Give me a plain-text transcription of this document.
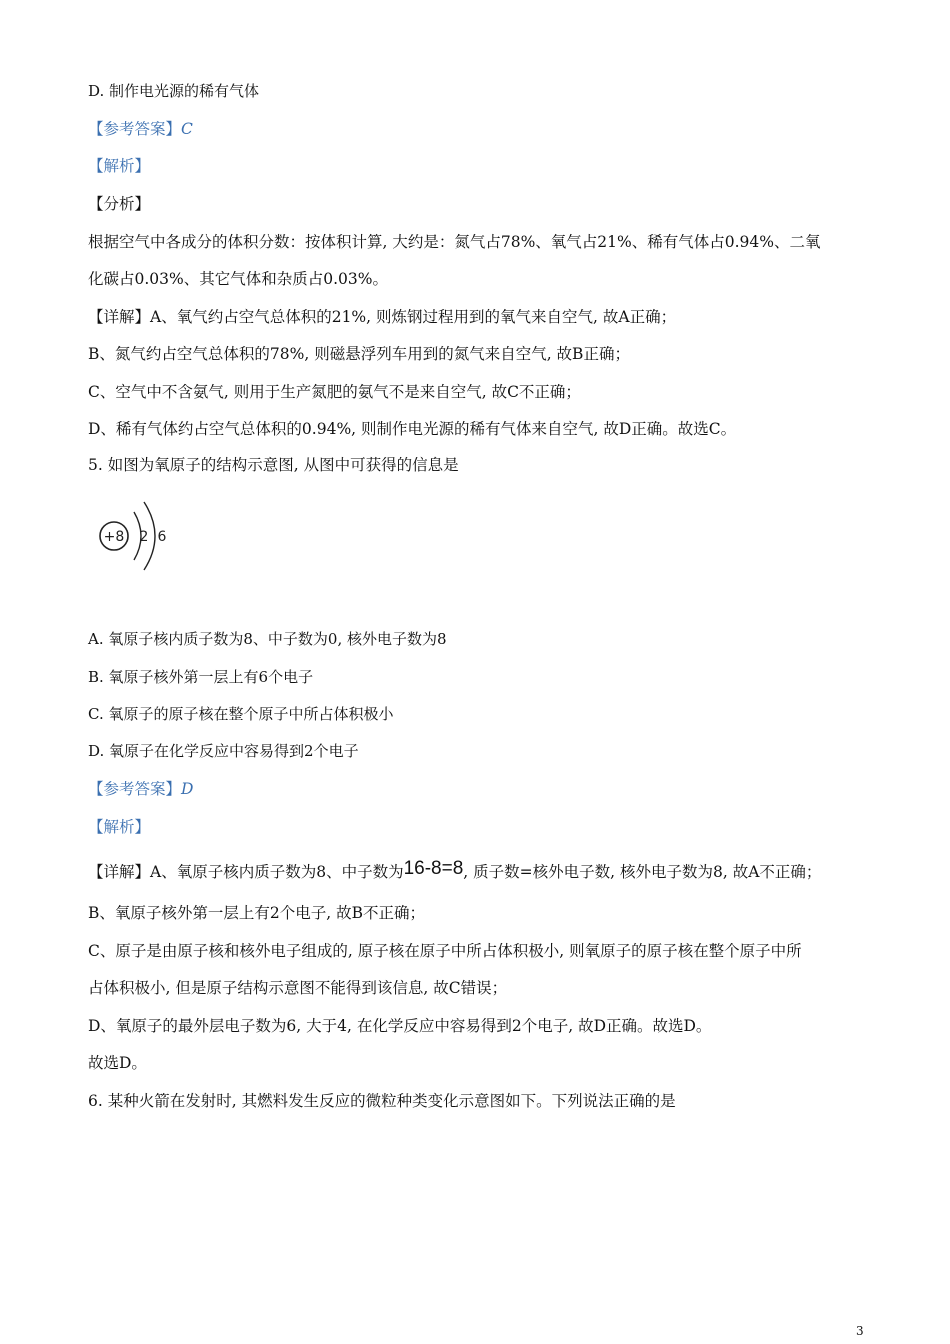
D. 制作电光源的稀有气体
【参考答案】C
【解析】
【分析】
根据空气中各成分的体积分数：按体积计算, 大约是：氮气占78%、氧气占21%、稀有气体占0.94%、二氧
化碳占0.03%、其它气体和杂质占0.03%。
【详解】A、氧气约占空气总体积的21%, 则炼钢过程用到的氧气来自空气, 故A正确；
B、氮气约占空气总体积的78%, 则磁悬浮列车用到的氮气来自空气, 故B正确；
C、空气中不含氨气, 则用于生产氮肥的氨气不是来自空气, 故C不正确；
D、稀有气体约占空气总体积的0.94%, 则制作电光源的稀有气体来自空气, 故D正确。故选C。
5. 如图为氧原子的结构示意图, 从图中可获得的信息是
+8 2 6
A. 氧原子核内质子数为8、中子数为0, 核外电子数为8
B. 氧原子核外第一层上有6个电子
C. 氧原子的原子核在整个原子中所占体积极小
D. 氧原子在化学反应中容易得到2个电子
【参考答案】D
【解析】
【详解】A、氧原子核内质子数为8、中子数为16-8=8, 质子数=核外电子数, 核外电子数为8, 故A不正确；
B、氧原子核外第一层上有2个电子, 故B不正确；
C、原子是由原子核和核外电子组成的, 原子核在原子中所占体积极小, 则氧原子的原子核在整个原子中所
占体积极小, 但是原子结构示意图不能得到该信息, 故C错误；
D、氧原子的最外层电子数为6, 大于4, 在化学反应中容易得到2个电子, 故D正确。故选D。
故选D。
6. 某种火箭在发射时, 其燃料发生反应的微粒种类变化示意图如下。下列说法正确的是
3
